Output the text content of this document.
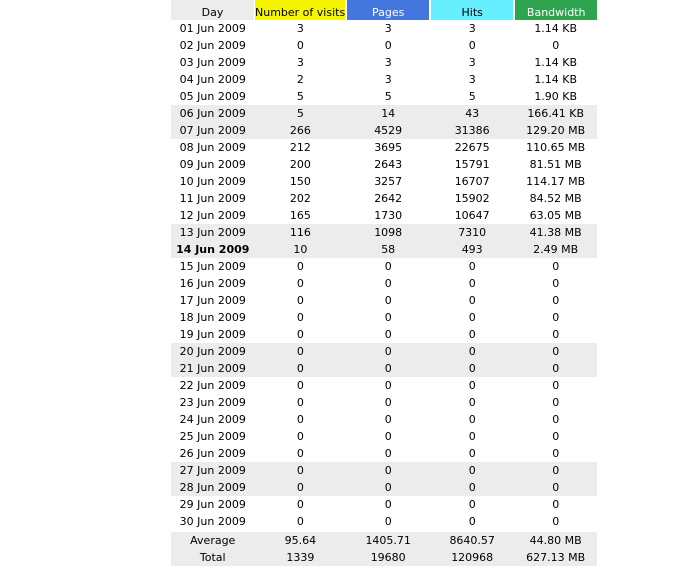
Day	Number of visits	Pages	Hits	Bandwidth

01 Jun 2009	3	3	3	1.14 KB
02 Jun 2009	0	0	0	0
03 Jun 2009	3	3	3	1.14 KB
04 Jun 2009	2	3	3	1.14 KB
05 Jun 2009	5	5	5	1.90 KB
06 Jun 2009	5	14	43	166.41 KB
07 Jun 2009	266	4529	31386	129.20 MB
08 Jun 2009	212	3695	22675	110.65 MB
09 Jun 2009	200	2643	15791	81.51 MB
10 Jun 2009	150	3257	16707	114.17 MB
11 Jun 2009	202	2642	15902	84.52 MB
12 Jun 2009	165	1730	10647	63.05 MB
13 Jun 2009	116	1098	7310	41.38 MB
14 Jun 2009	10	58	493	2.49 MB
15 Jun 2009	0	0	0	0
16 Jun 2009	0	0	0	0
17 Jun 2009	0	0	0	0
18 Jun 2009	0	0	0	0
19 Jun 2009	0	0	0	0
20 Jun 2009	0	0	0	0
21 Jun 2009	0	0	0	0
22 Jun 2009	0	0	0	0
23 Jun 2009	0	0	0	0
24 Jun 2009	0	0	0	0
25 Jun 2009	0	0	0	0
26 Jun 2009	0	0	0	0
27 Jun 2009	0	0	0	0
28 Jun 2009	0	0	0	0
29 Jun 2009	0	0	0	0
30 Jun 2009	0	0	0	0
Average	95.64	1405.71	8640.57	44.80 MB
Total	1339	19680	120968	627.13 MB
